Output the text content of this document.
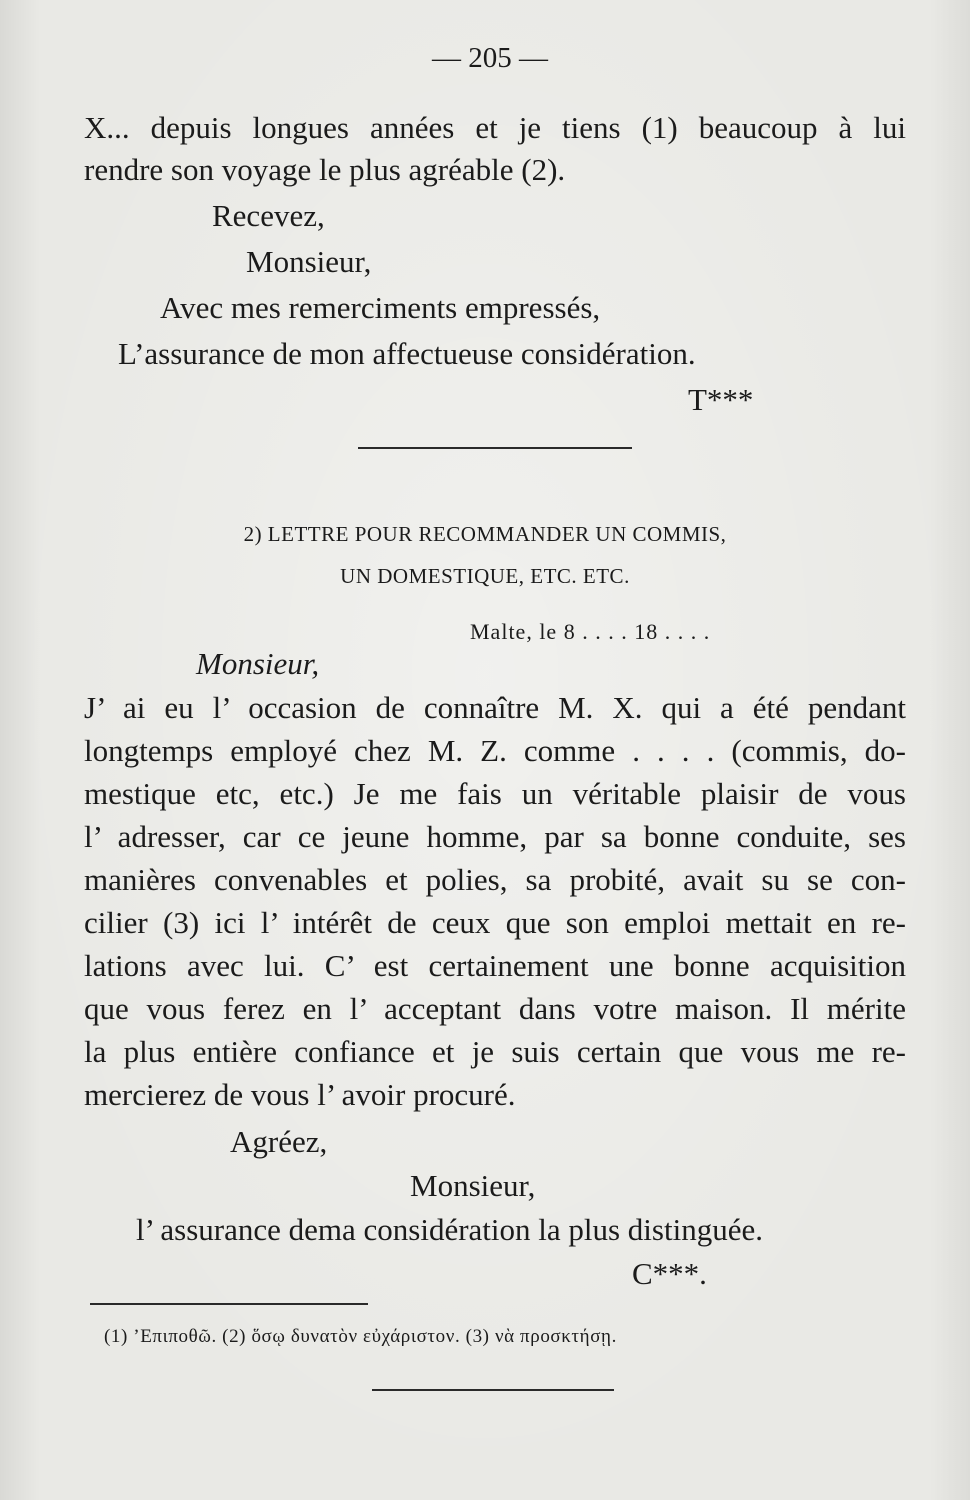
— 205 —
X... depuis longues années et je tiens (1) beaucoup à lui
rendre son voyage le plus agréable (2).
Recevez,
Monsieur,
Avec mes remerciments empressés,
L’assurance de mon affectueuse considération.
T***
2) LETTRE POUR RECOMMANDER UN COMMIS,
UN DOMESTIQUE, ETC. ETC.
Malte, le 8 . . . . 18 . . . .
Monsieur,
J’ ai eu l’ occasion de connaître M. X. qui a été pendant
longtemps employé chez M. Z. comme . . . . (commis, do-
mestique etc, etc.) Je me fais un véritable plaisir de vous
l’ adresser, car ce jeune homme, par sa bonne conduite, ses
manières convenables et polies, sa probité, avait su se con-
cilier (3) ici l’ intérêt de ceux que son emploi mettait en re-
lations avec lui. C’ est certainement une bonne acquisition
que vous ferez en l’ acceptant dans votre maison. Il mérite
la plus entière confiance et je suis certain que vous me re-
mercierez de vous l’ avoir procuré.
Agréez,
Monsieur,
l’ assurance dema considération la plus distinguée.
C***.
(1) ’Επιποθῶ. (2) ὅσῳ δυνατὸν εὐχάριστον. (3) νὰ προσκτήσῃ.
